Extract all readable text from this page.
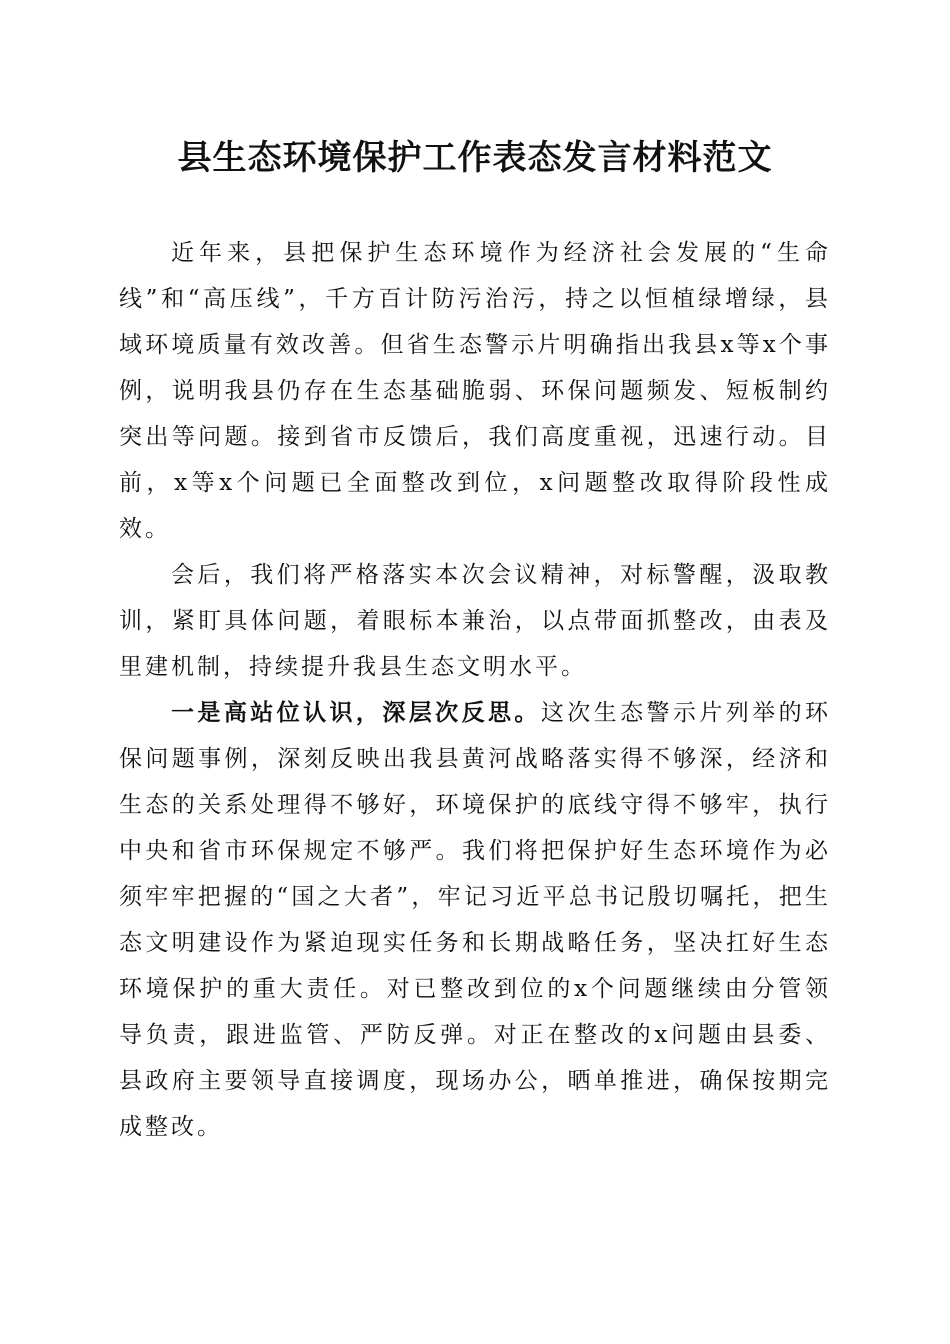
县生态环境保护工作表态发言材料范文

近年来，县把保护生态环境作为经济社会发展的“生命线”和“高压线”，千方百计防污治污，持之以恒植绿增绿，县域环境质量有效改善。但省生态警示片明确指出我县x等x个事例，说明我县仍存在生态基础脆弱、环保问题频发、短板制约突出等问题。接到省市反馈后，我们高度重视，迅速行动。目前，x等x个问题已全面整改到位，x问题整改取得阶段性成效。

会后，我们将严格落实本次会议精神，对标警醒，汲取教训，紧盯具体问题，着眼标本兼治，以点带面抓整改，由表及里建机制，持续提升我县生态文明水平。

一是高站位认识，深层次反思。这次生态警示片列举的环保问题事例，深刻反映出我县黄河战略落实得不够深，经济和生态的关系处理得不够好，环境保护的底线守得不够牢，执行中央和省市环保规定不够严。我们将把保护好生态环境作为必须牢牢把握的“国之大者”，牢记习近平总书记殷切嘱托，把生态文明建设作为紧迫现实任务和长期战略任务，坚决扛好生态环境保护的重大责任。对已整改到位的x个问题继续由分管领导负责，跟进监管、严防反弹。对正在整改的x问题由县委、县政府主要领导直接调度，现场办公，晒单推进，确保按期完成整改。
